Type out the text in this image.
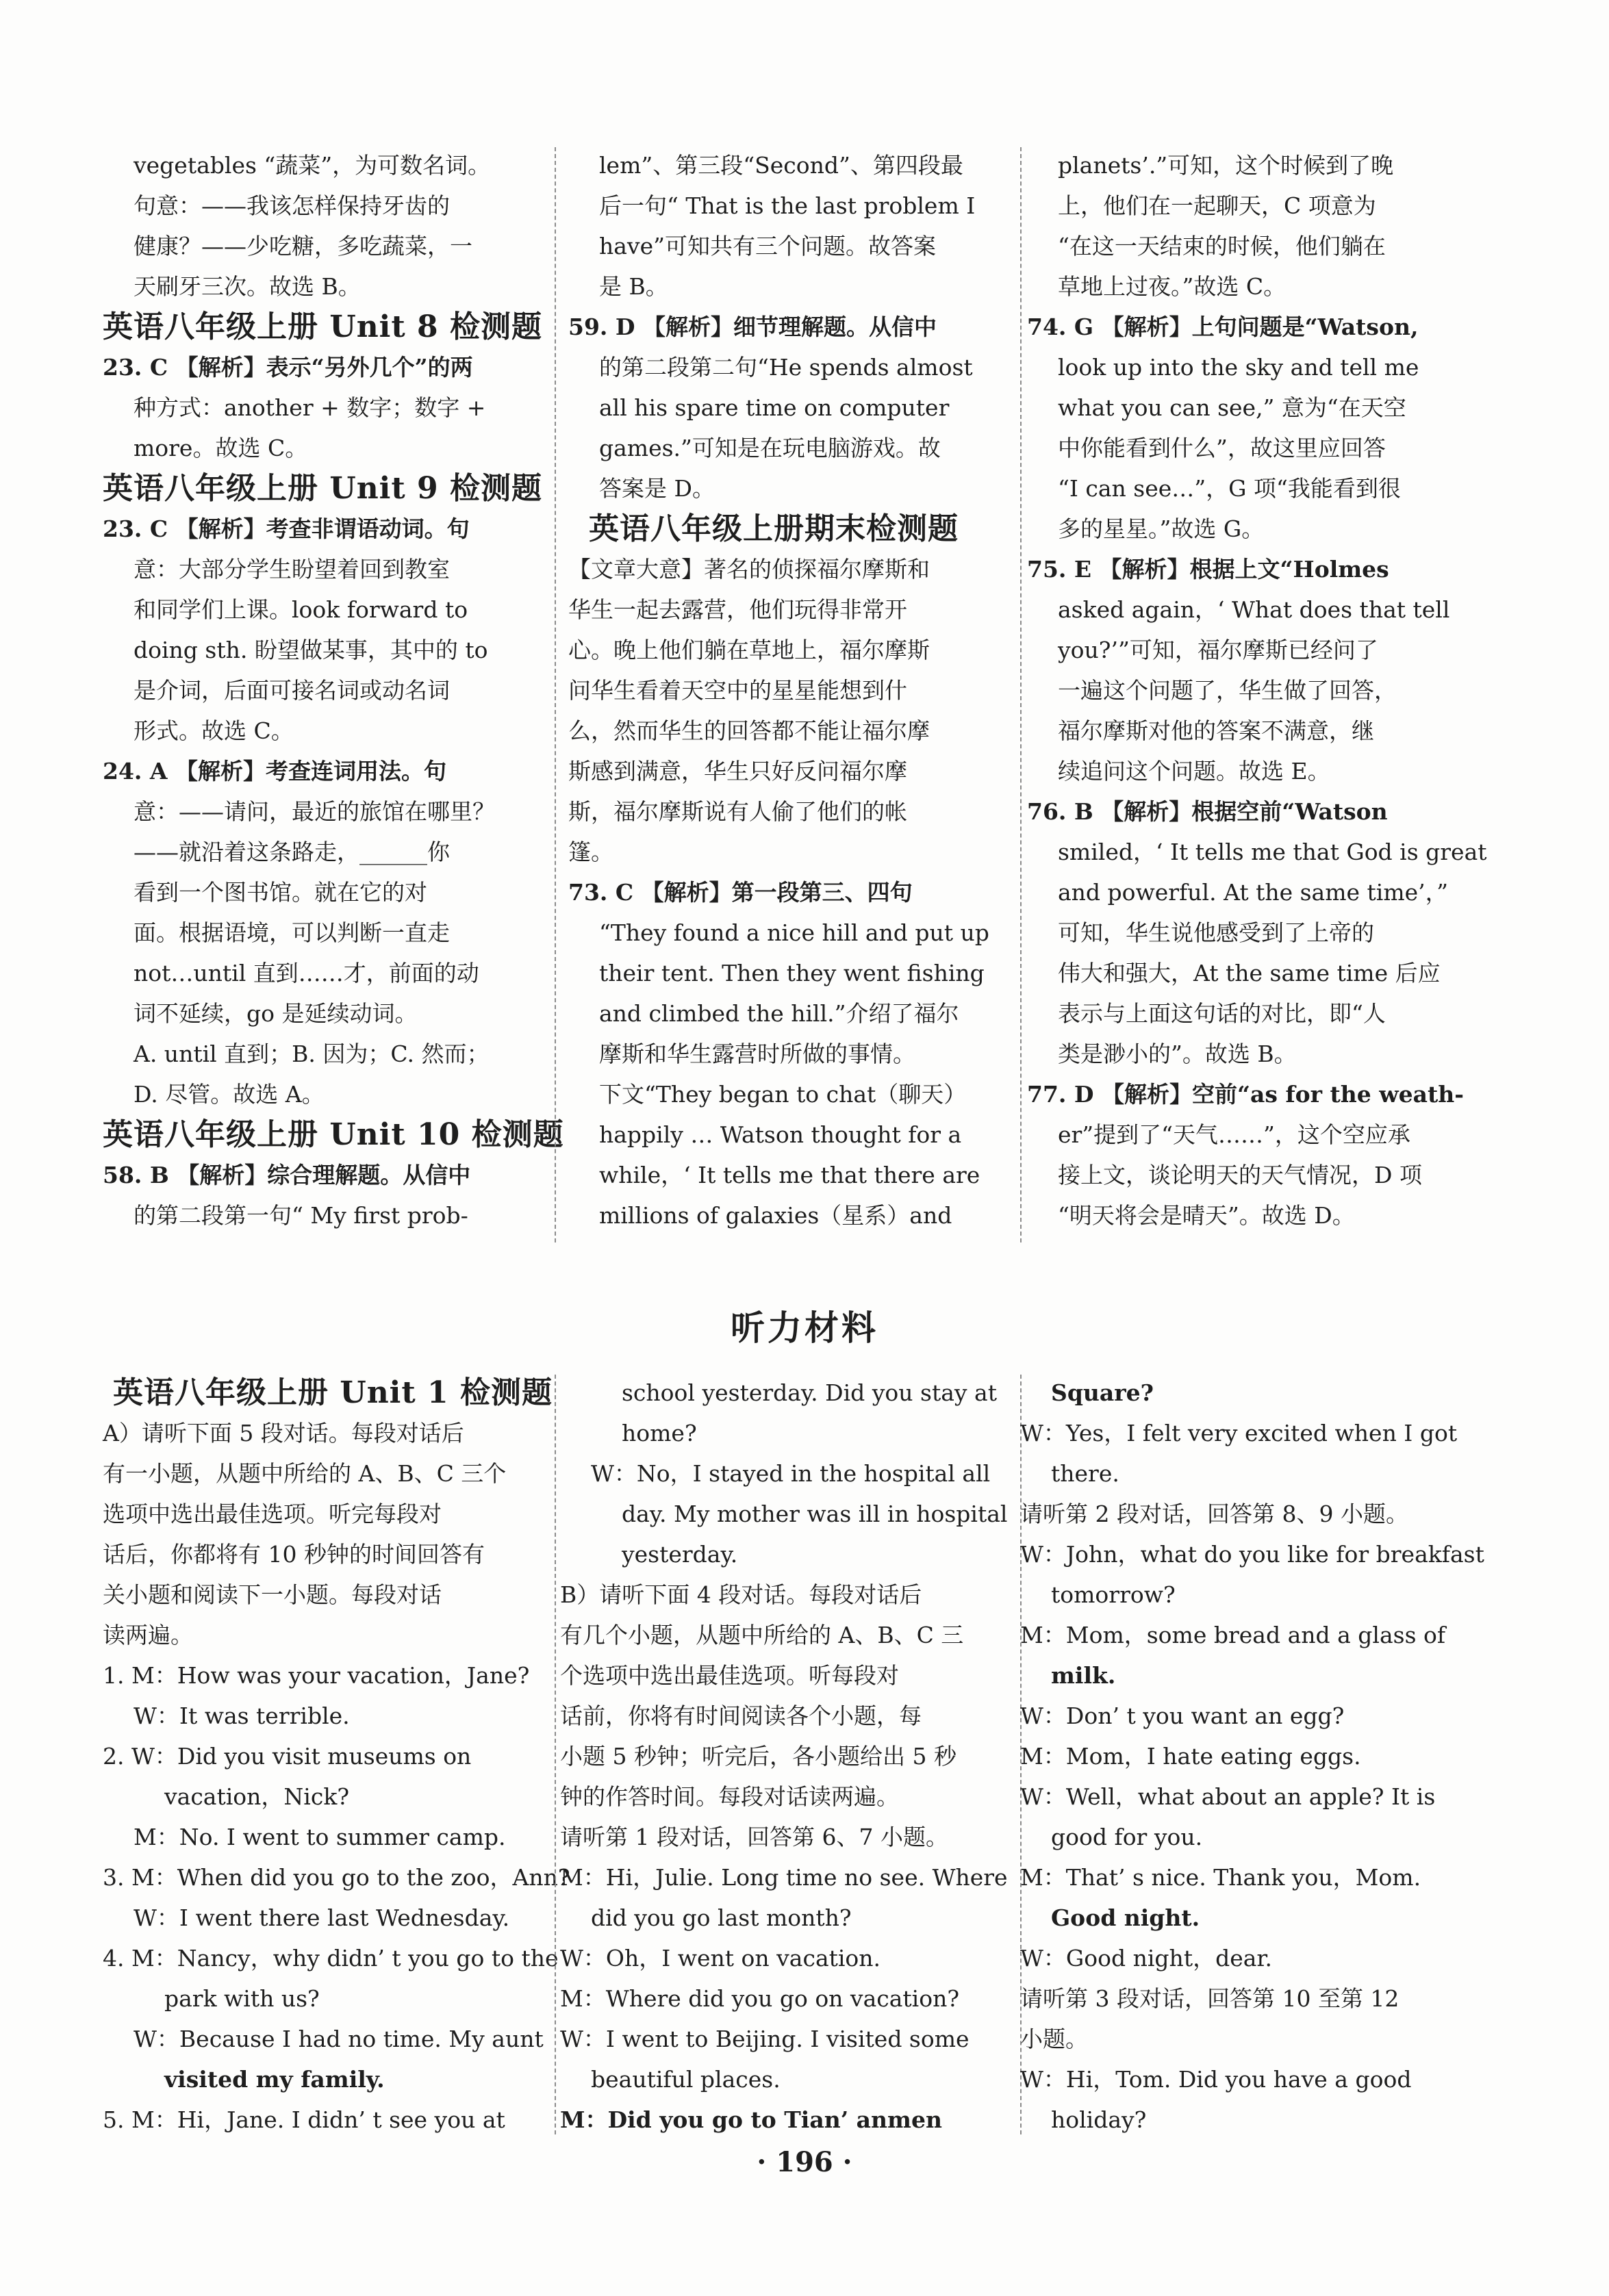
vegetables “蔬菜”，为可数名词。
句意：——我该怎样保持牙齿的
健康？——少吃糖，多吃蔬菜，一
天刷牙三次。故选 B。
英语八年级上册 Unit 8 检测题
23. C 【解析】表示“另外几个”的两
种方式：another + 数字；数字 +
more。故选 C。
英语八年级上册 Unit 9 检测题
23. C 【解析】考查非谓语动词。句
意：大部分学生盼望着回到教室
和同学们上课。look forward to
doing sth. 盼望做某事，其中的 to
是介词，后面可接名词或动名词
形式。故选 C。
24. A 【解析】考查连词用法。句
意：——请问，最近的旅馆在哪里？
——就沿着这条路走，______你
看到一个图书馆。就在它的对
面。根据语境，可以判断一直走
not…until 直到……才，前面的动
词不延续，go 是延续动词。
A. until 直到；B. 因为；C. 然而；
D. 尽管。故选 A。
英语八年级上册 Unit 10 检测题
58. B 【解析】综合理解题。从信中
的第二段第一句“ My first prob-
lem”、第三段“Second”、第四段最
后一句“ That is the last problem I
have”可知共有三个问题。故答案
是 B。
59. D 【解析】细节理解题。从信中
的第二段第二句“He spends almost
all his spare time on computer
games.”可知是在玩电脑游戏。故
答案是 D。
英语八年级上册期末检测题
【文章大意】著名的侦探福尔摩斯和
华生一起去露营，他们玩得非常开
心。晚上他们躺在草地上，福尔摩斯
问华生看着天空中的星星能想到什
么，然而华生的回答都不能让福尔摩
斯感到满意，华生只好反问福尔摩
斯，福尔摩斯说有人偷了他们的帐
篷。
73. C 【解析】第一段第三、四句
“They found a nice hill and put up
their tent. Then they went fishing
and climbed the hill.”介绍了福尔
摩斯和华生露营时所做的事情。
下文“They began to chat（聊天）
happily … Watson thought for a
while，‘ It tells me that there are
millions of galaxies（星系）and
planets’.”可知，这个时候到了晚
上，他们在一起聊天，C 项意为
“在这一天结束的时候，他们躺在
草地上过夜。”故选 C。
74. G 【解析】上句问题是“Watson,
look up into the sky and tell me
what you can see,” 意为“在天空
中你能看到什么”，故这里应回答
“I can see…”，G 项“我能看到很
多的星星。”故选 G。
75. E 【解析】根据上文“Holmes
asked again，‘ What does that tell
you?’”可知，福尔摩斯已经问了
一遍这个问题了，华生做了回答，
福尔摩斯对他的答案不满意，继
续追问这个问题。故选 E。
76. B 【解析】根据空前“Watson
smiled，‘ It tells me that God is great
and powerful. At the same time’，”
可知，华生说他感受到了上帝的
伟大和强大，At the same time 后应
表示与上面这句话的对比，即“人
类是渺小的”。故选 B。
77. D 【解析】空前“as for the weath-
er”提到了“天气……”，这个空应承
接上文，谈论明天的天气情况，D 项
“明天将会是晴天”。故选 D。
听力材料
英语八年级上册 Unit 1 检测题
A）请听下面 5 段对话。每段对话后
有一小题，从题中所给的 A、B、C 三个
选项中选出最佳选项。听完每段对
话后，你都将有 10 秒钟的时间回答有
关小题和阅读下一小题。每段对话
读两遍。
1. M：How was your vacation，Jane?
W：It was terrible.
2. W：Did you visit museums on
vacation，Nick?
M：No. I went to summer camp.
3. M：When did you go to the zoo，Ann?
W：I went there last Wednesday.
4. M：Nancy，why didn’ t you go to the
park with us?
W：Because I had no time. My aunt
visited my family.
5. M：Hi，Jane. I didn’ t see you at
school yesterday. Did you stay at
home?
W：No，I stayed in the hospital all
day. My mother was ill in hospital
yesterday.
B）请听下面 4 段对话。每段对话后
有几个小题，从题中所给的 A、B、C 三
个选项中选出最佳选项。听每段对
话前，你将有时间阅读各个小题，每
小题 5 秒钟；听完后，各小题给出 5 秒
钟的作答时间。每段对话读两遍。
请听第 1 段对话，回答第 6、7 小题。
M：Hi，Julie. Long time no see. Where
did you go last month?
W：Oh，I went on vacation.
M：Where did you go on vacation?
W：I went to Beijing. I visited some
beautiful places.
M：Did you go to Tian’ anmen
Square?
W：Yes，I felt very excited when I got
there.
请听第 2 段对话，回答第 8、9 小题。
W：John，what do you like for breakfast
tomorrow?
M：Mom，some bread and a glass of
milk.
W：Don’ t you want an egg?
M：Mom，I hate eating eggs.
W：Well，what about an apple? It is
good for you.
M：That’ s nice. Thank you，Mom.
Good night.
W：Good night，dear.
请听第 3 段对话，回答第 10 至第 12
小题。
W：Hi，Tom. Did you have a good
holiday?
· 196 ·
